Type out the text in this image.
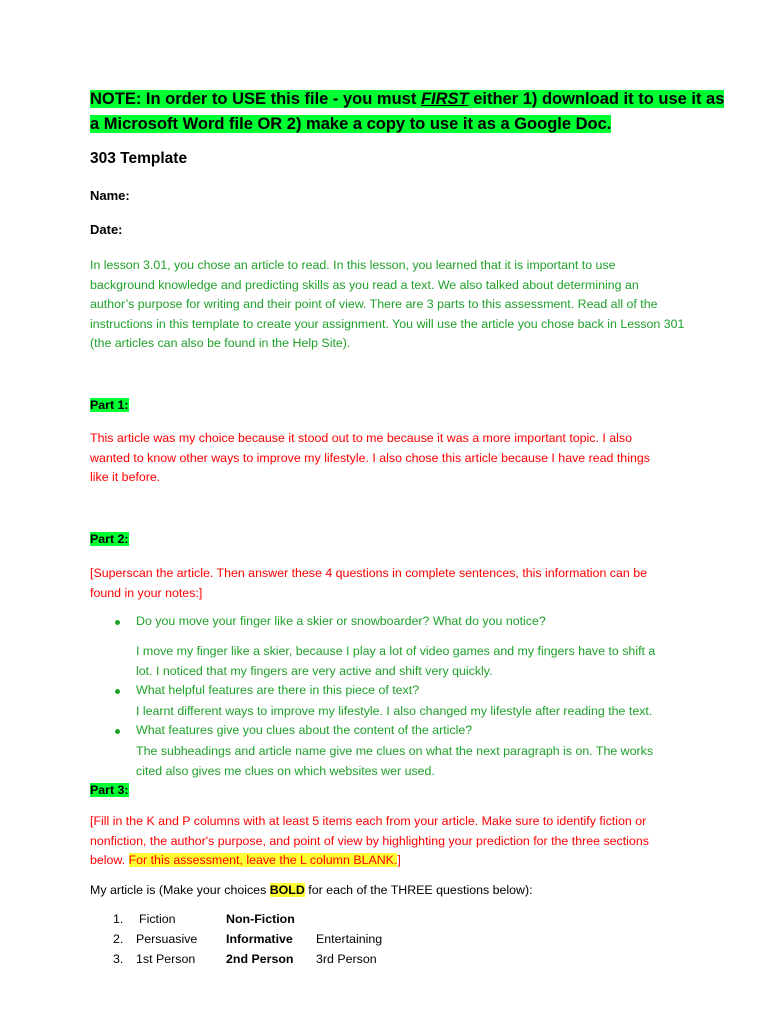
NOTE: In order to USE this file - you must FIRST either 1) download it to use it as
a Microsoft Word file OR 2) make a copy to use it as a Google Doc.
303 Template
Name:
Date:
In lesson 3.01, you chose an article to read. In this lesson, you learned that it is important to use
background knowledge and predicting skills as you read a text. We also talked about determining an
author’s purpose for writing and their point of view. There are 3 parts to this assessment. Read all of the
instructions in this template to create your assignment. You will use the article you chose back in Lesson 301
(the articles can also be found in the Help Site).
Part 1:
This article was my choice because it stood out to me because it was a more important topic. I also
wanted to know other ways to improve my lifestyle. I also chose this article because I have read things
like it before.
Part 2:
[Superscan the article. Then answer these 4 questions in complete sentences, this information can be
found in your notes:]
Do you move your finger like a skier or snowboarder? What do you notice?
I move my finger like a skier, because I play a lot of video games and my fingers have to shift a
lot. I noticed that my fingers are very active and shift very quickly.
What helpful features are there in this piece of text?
I learnt different ways to improve my lifestyle. I also changed my lifestyle after reading the text.
What features give you clues about the content of the article?
The subheadings and article name give me clues on what the next paragraph is on. The works
cited also gives me clues on which websites wer used.
Part 3:
[Fill in the K and P columns with at least 5 items each from your article. Make sure to identify fiction or
nonfiction, the author's purpose, and point of view by highlighting your prediction for the three sections
below. For this assessment, leave the L column BLANK.]
My article is (Make your choices BOLD for each of the THREE questions below):
1. Fiction	Non-Fiction
2. Persuasive Informative Entertaining
3. 1st Person 2nd Person 3rd Person
